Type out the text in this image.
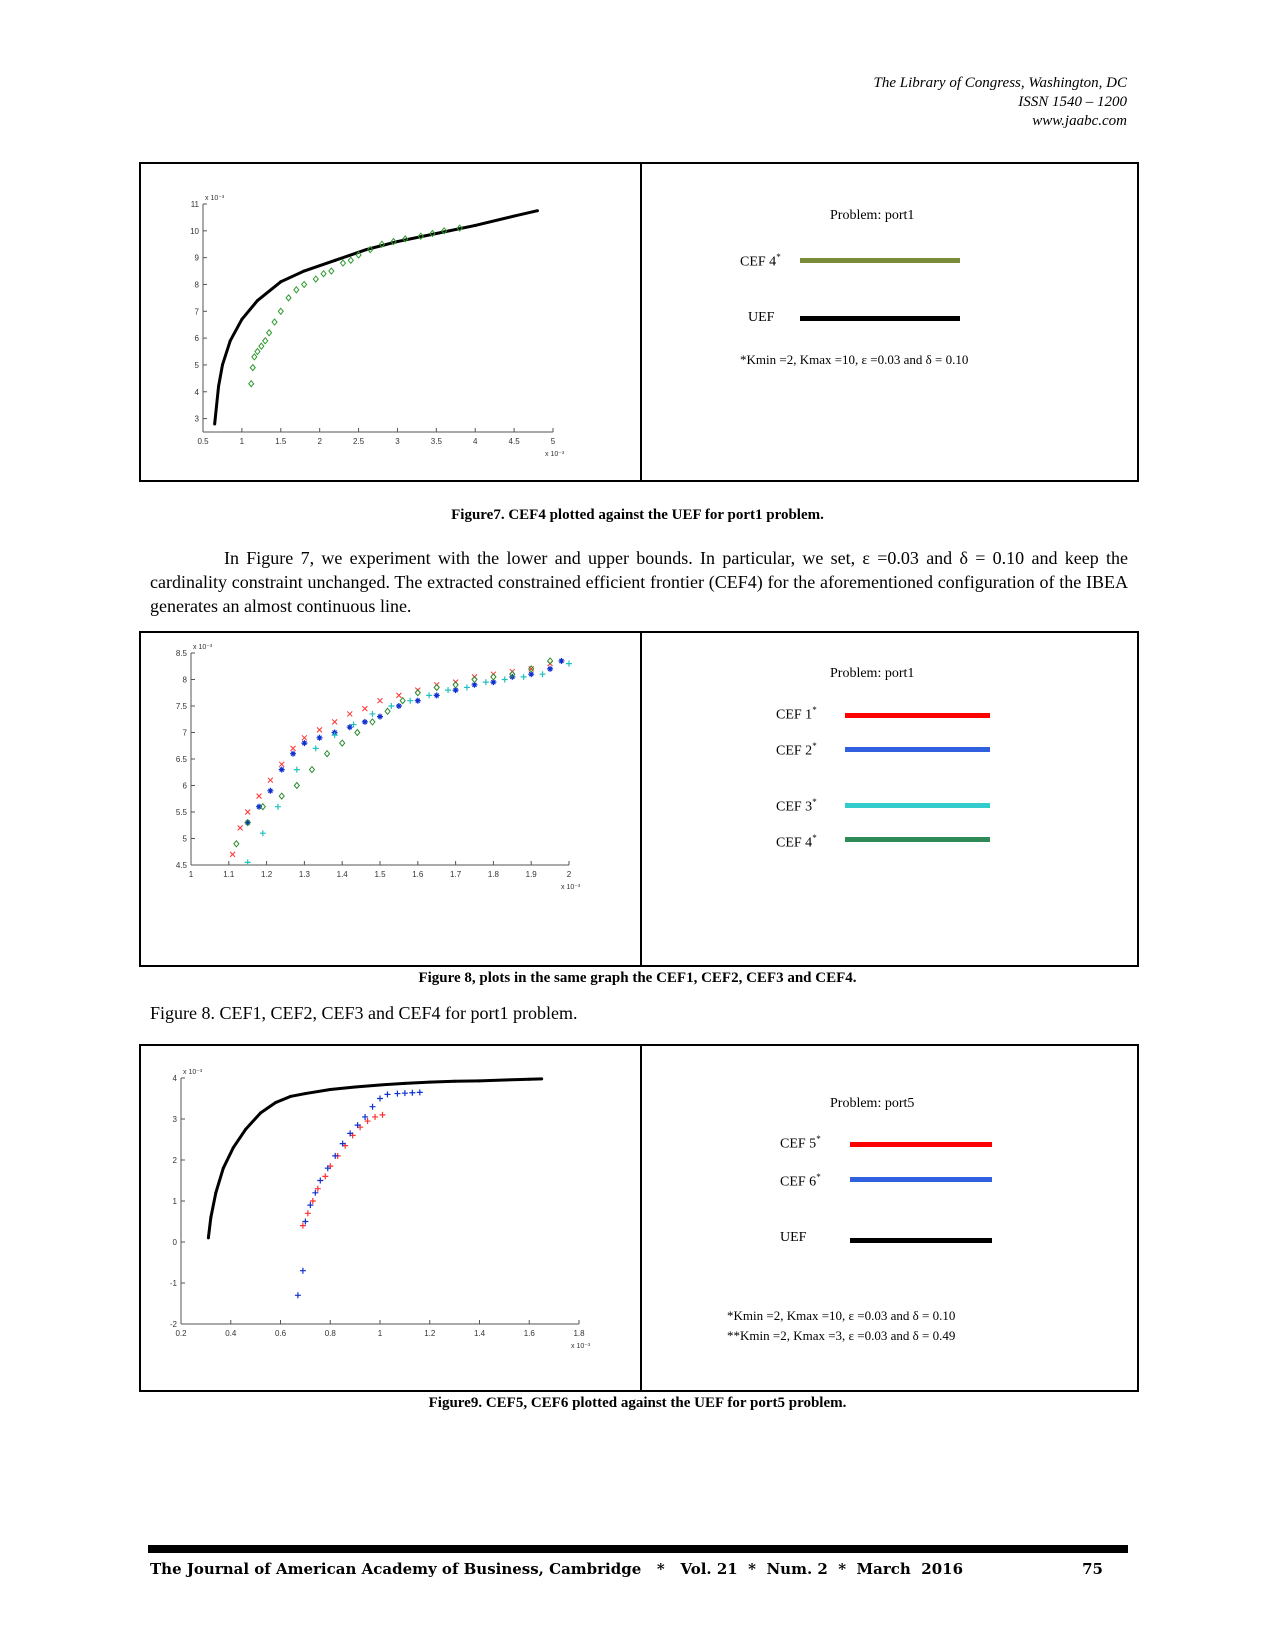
The Library of Congress, Washington, DC
ISSN 1540 – 1200
www.jaabc.com
0.5	1	1.5	2	2.5	3	3.5	4	4.5	5
3
4
5
6
7
8
9
10
11
x 10⁻³
x 10⁻³
Problem: port1
CEF 4*
UEF
*Kmin =2, Kmax =10, ε =0.03 and δ = 0.10
Figure7. CEF4 plotted against the UEF for port1 problem.
In Figure 7, we experiment with the lower and upper bounds. In particular, we set, ε =0.03 and δ = 0.10 and keep the cardinality constraint unchanged. The extracted constrained efficient frontier (CEF4) for the aforementioned configuration of the IBEA generates an almost continuous line.
1	1.1	1.2	1.3	1.4	1.5	1.6	1.7	1.8	1.9	2
4.5
5
5.5
6
6.5
7
7.5
8
8.5
x 10⁻³
x 10⁻³
Problem: port1
CEF 1*
CEF 2*
CEF 3*
CEF 4*
Figure 8, plots in the same graph the CEF1, CEF2, CEF3 and CEF4.
Figure 8. CEF1, CEF2, CEF3 and CEF4 for port1 problem.
0.2	0.4	0.6	0.8	1	1.2	1.4	1.6	1.8
-2
-1
0
1
2
3
4
x 10⁻³
x 10⁻³
Problem: port5
CEF 5*
CEF 6*
UEF
*Kmin =2, Kmax =10, ε =0.03 and δ = 0.10
**Kmin =2, Kmax =3, ε =0.03 and δ = 0.49
Figure9. CEF5, CEF6 plotted against the UEF for port5 problem.
The Journal of American Academy of Business, Cambridge   *   Vol. 21  *  Num. 2  *  March  2016	75
